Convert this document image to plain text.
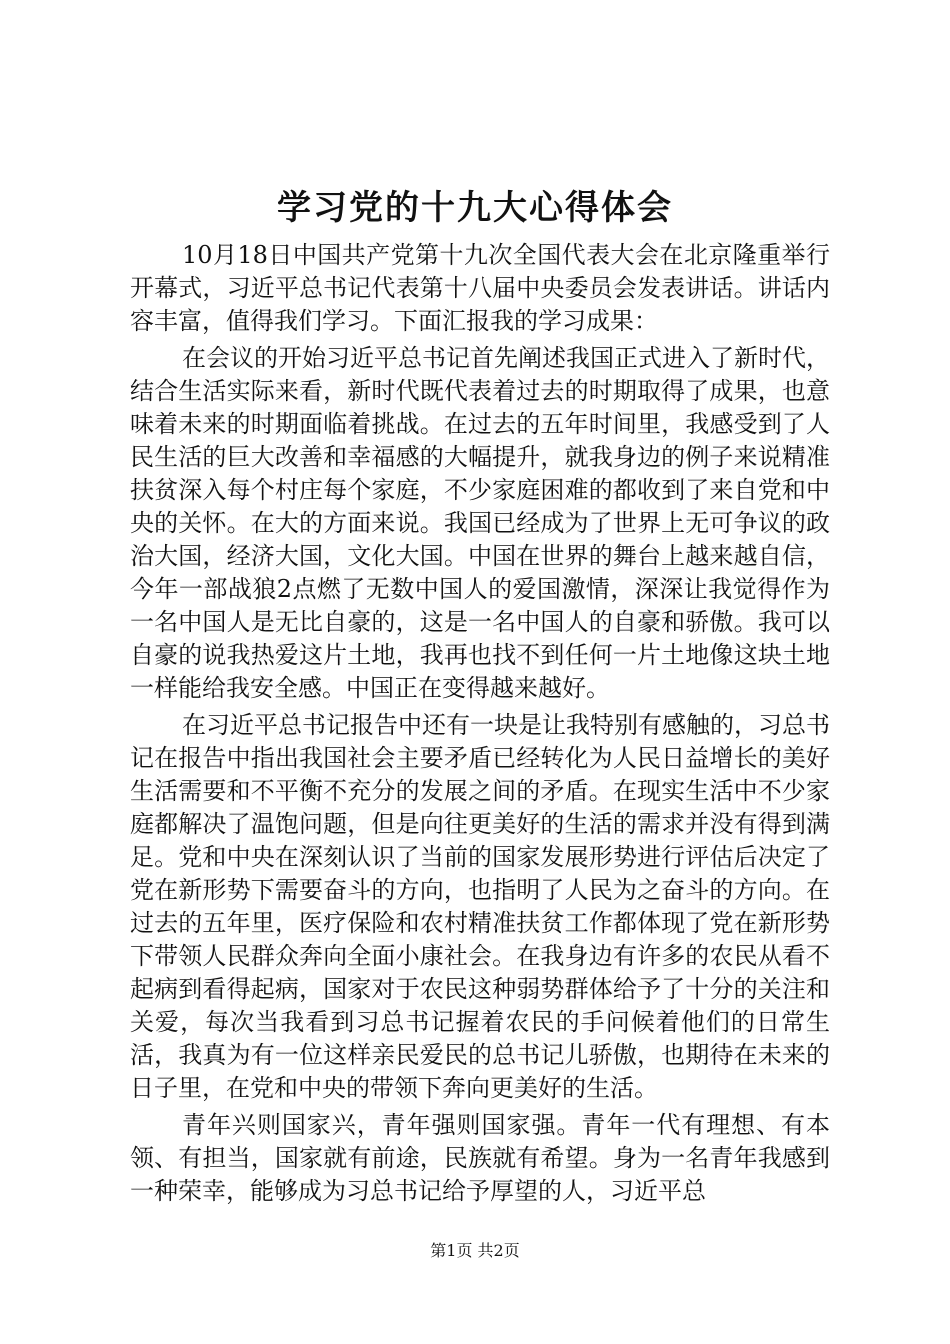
学习党的十九大心得体会

10月18日中国共产党第十九次全国代表大会在北京隆重举行开幕式，习近平总书记代表第十八届中央委员会发表讲话。讲话内容丰富，值得我们学习。下面汇报我的学习成果：

在会议的开始习近平总书记首先阐述我国正式进入了新时代，结合生活实际来看，新时代既代表着过去的时期取得了成果，也意味着未来的时期面临着挑战。在过去的五年时间里，我感受到了人民生活的巨大改善和幸福感的大幅提升，就我身边的例子来说精准扶贫深入每个村庄每个家庭，不少家庭困难的都收到了来自党和中央的关怀。在大的方面来说。我国已经成为了世界上无可争议的政治大国，经济大国，文化大国。中国在世界的舞台上越来越自信，今年一部战狼2点燃了无数中国人的爱国激情，深深让我觉得作为一名中国人是无比自豪的，这是一名中国人的自豪和骄傲。我可以自豪的说我热爱这片土地，我再也找不到任何一片土地像这块土地一样能给我安全感。中国正在变得越来越好。

在习近平总书记报告中还有一块是让我特别有感触的，习总书记在报告中指出我国社会主要矛盾已经转化为人民日益增长的美好生活需要和不平衡不充分的发展之间的矛盾。在现实生活中不少家庭都解决了温饱问题，但是向往更美好的生活的需求并没有得到满足。党和中央在深刻认识了当前的国家发展形势进行评估后决定了党在新形势下需要奋斗的方向，也指明了人民为之奋斗的方向。在过去的五年里，医疗保险和农村精准扶贫工作都体现了党在新形势下带领人民群众奔向全面小康社会。在我身边有许多的农民从看不起病到看得起病，国家对于农民这种弱势群体给予了十分的关注和关爱，每次当我看到习总书记握着农民的手问候着他们的日常生活，我真为有一位这样亲民爱民的总书记儿骄傲，也期待在未来的日子里，在党和中央的带领下奔向更美好的生活。

青年兴则国家兴，青年强则国家强。青年一代有理想、有本领、有担当，国家就有前途，民族就有希望。身为一名青年我感到一种荣幸，能够成为习总书记给予厚望的人，习近平总

第1页 共2页
